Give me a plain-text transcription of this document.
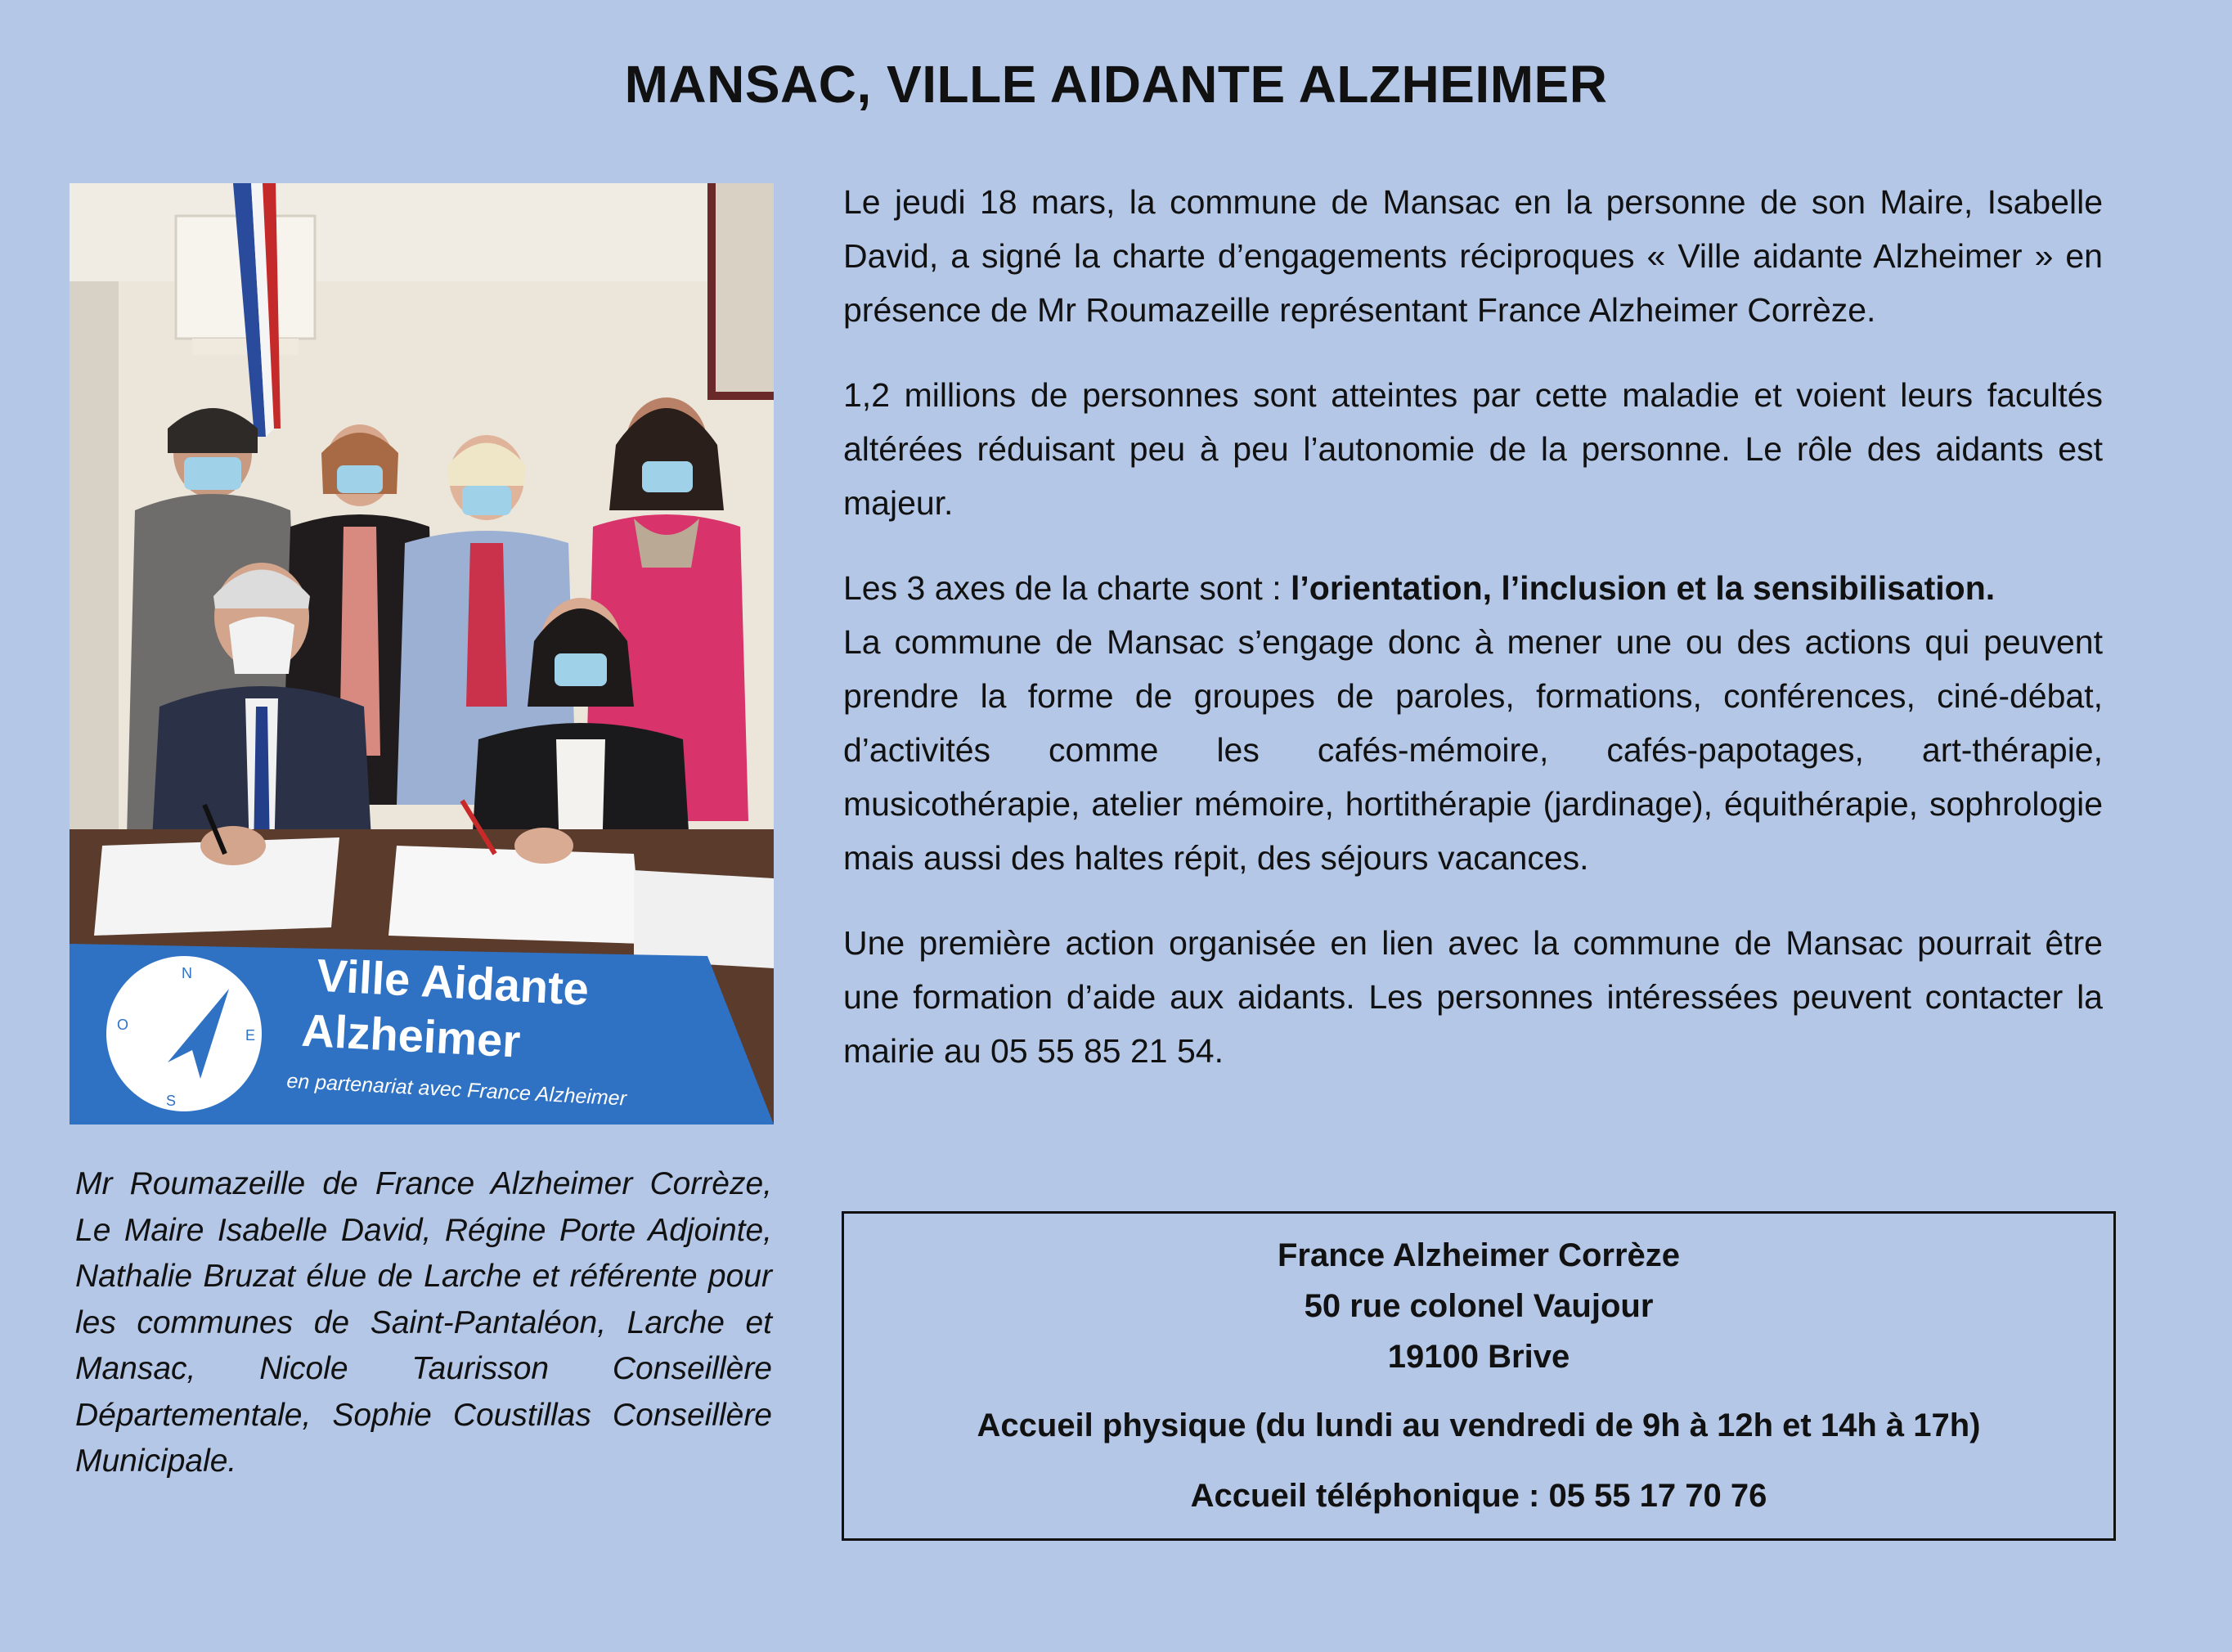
MANSAC, VILLE AIDANTE ALZHEIMER
N
E
S
O
Ville Aidante
Alzheimer
en partenariat avec France Alzheimer
Mr Roumazeille de France Alzheimer Corrèze, Le Maire Isabelle David, Régine Porte Adjointe, Nathalie Bruzat élue de Larche et référente pour les communes de Saint-Pantaléon, Larche et Mansac, Nicole Taurisson Conseillère Départementale, Sophie Coustillas Conseillère Municipale.

Le jeudi 18 mars, la commune de Mansac en la personne de son Maire, Isabelle David, a signé la charte d’engagements réciproques « Ville aidante Alzheimer » en présence de Mr Roumazeille représentant France Alzheimer Corrèze.

1,2 millions de personnes sont atteintes par cette maladie et voient leurs facultés altérées réduisant peu à peu l’autonomie de la personne. Le rôle des aidants est majeur.

Les 3 axes de la charte sont : l’orientation, l’inclusion et la sensibilisation.
La commune de Mansac s’engage donc à mener une ou des actions qui peuvent prendre la forme de groupes de paroles, formations, conférences, ciné-débat, d’activités comme les cafés-mémoire, cafés-papotages, art-thérapie, musicothérapie, atelier mémoire, hortithérapie (jardinage), équithérapie, sophrologie mais aussi des haltes répit, des séjours vacances.

Une première action organisée en lien avec la commune de Mansac pourrait être une formation d’aide aux aidants. Les personnes intéressées peuvent contacter la mairie au 05 55 85 21 54.

France Alzheimer Corrèze
50 rue colonel Vaujour
19100 Brive
Accueil physique (du lundi au vendredi de 9h à 12h et 14h à 17h)
Accueil téléphonique : 05 55 17 70 76
